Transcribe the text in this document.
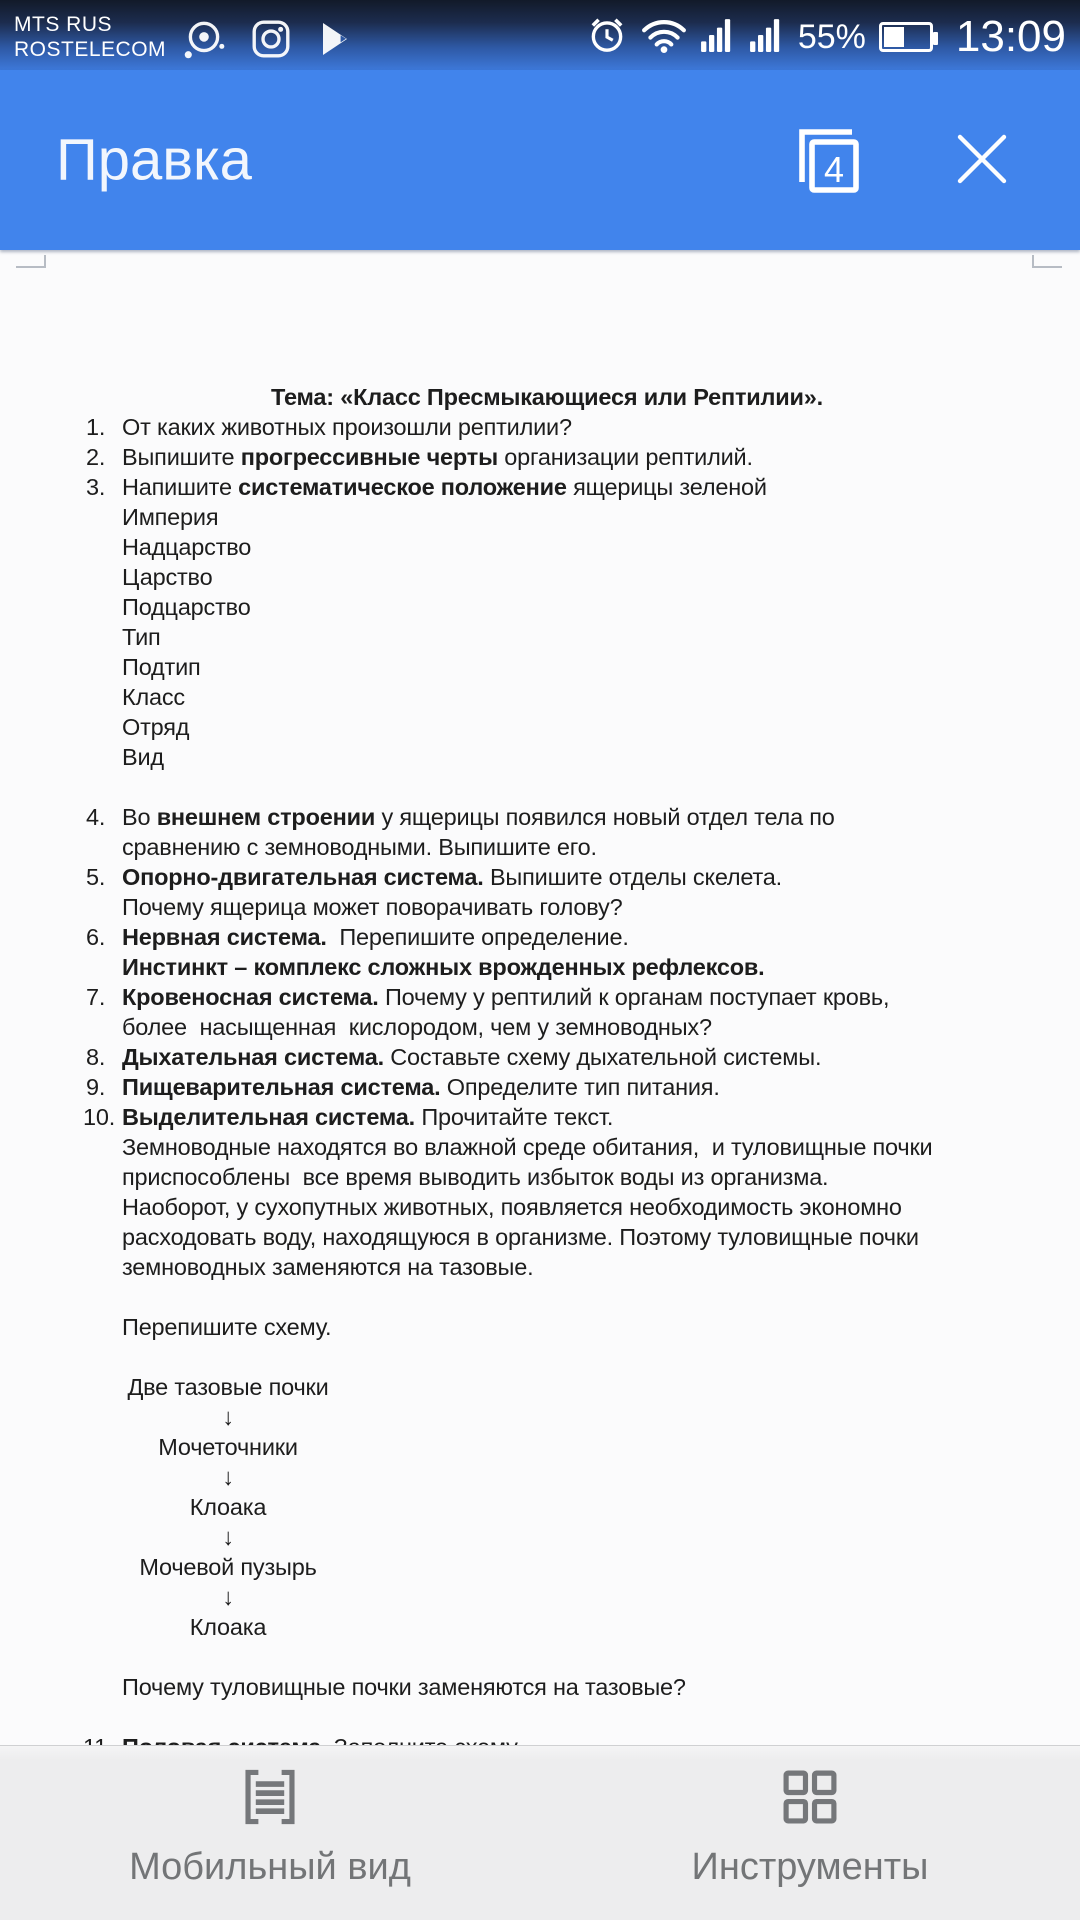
MTS RUS
ROSTELECOM	55% 13:09
Правка	4

Тема: «Класс Пресмыкающиеся или Рептилии».
1. От каких животных произошли рептилии?
2. Выпишите прогрессивные черты организации рептилий.
3. Напишите систематическое положение ящерицы зеленой
Империя
Надцарство
Царство
Подцарство
Тип
Подтип
Класс
Отряд
Вид
4. Во внешнем строении у ящерицы появился новый отдел тела по
сравнению с земноводными. Выпишите его.
5. Опорно-двигательная система. Выпишите отделы скелета.
Почему ящерица может поворачивать голову?
6. Нервная система.  Перепишите определение.
Инстинкт – комплекс сложных врожденных рефлексов.
7. Кровеносная система. Почему у рептилий к органам поступает кровь,
более  насыщенная  кислородом, чем у земноводных?
8. Дыхательная система. Составьте схему дыхательной системы.
9. Пищеварительная система. Определите тип питания.
10. Выделительная система. Прочитайте текст.
Земноводные находятся во влажной среде обитания,  и туловищные почки
приспособлены  все время выводить избыток воды из организма.
Наоборот, у сухопутных животных, появляется необходимость экономно
расходовать воду, находящуюся в организме. Поэтому туловищные почки
земноводных заменяются на тазовые.
Перепишите схему.
Две тазовые почки
↓
Мочеточники
↓
Клоака
↓
Мочевой пузырь
↓
Клоака
Почему туловищные почки заменяются на тазовые?

Мобильный вид	Инструменты
